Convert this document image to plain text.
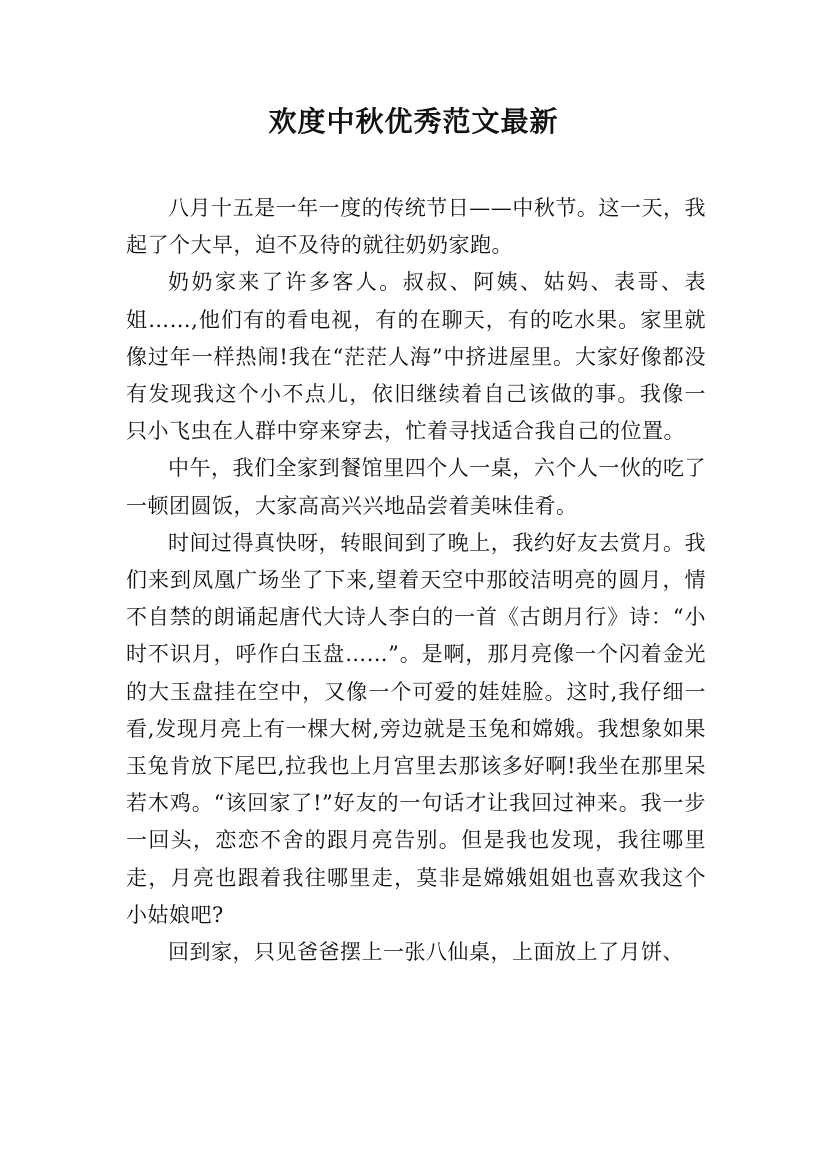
欢度中秋优秀范文最新

八月十五是一年一度的传统节日——中秋节。这一天，我起了个大早，迫不及待的就往奶奶家跑。

奶奶家来了许多客人。叔叔、阿姨、姑妈、表哥、表姐……,他们有的看电视，有的在聊天，有的吃水果。家里就像过年一样热闹!我在“茫茫人海”中挤进屋里。大家好像都没有发现我这个小不点儿，依旧继续着自己该做的事。我像一只小飞虫在人群中穿来穿去，忙着寻找适合我自己的位置。

中午，我们全家到餐馆里四个人一桌，六个人一伙的吃了一顿团圆饭，大家高高兴兴地品尝着美味佳肴。

时间过得真快呀，转眼间到了晚上，我约好友去赏月。我们来到凤凰广场坐了下来,望着天空中那皎洁明亮的圆月，情不自禁的朗诵起唐代大诗人李白的一首《古朗月行》诗：“小时不识月，呼作白玉盘……”。是啊，那月亮像一个闪着金光的大玉盘挂在空中，又像一个可爱的娃娃脸。这时,我仔细一看,发现月亮上有一棵大树,旁边就是玉兔和嫦娥。我想象如果玉兔肯放下尾巴,拉我也上月宫里去那该多好啊!我坐在那里呆若木鸡。“该回家了!”好友的一句话才让我回过神来。我一步一回头，恋恋不舍的跟月亮告别。但是我也发现，我往哪里走，月亮也跟着我往哪里走，莫非是嫦娥姐姐也喜欢我这个小姑娘吧?

回到家，只见爸爸摆上一张八仙桌，上面放上了月饼、
